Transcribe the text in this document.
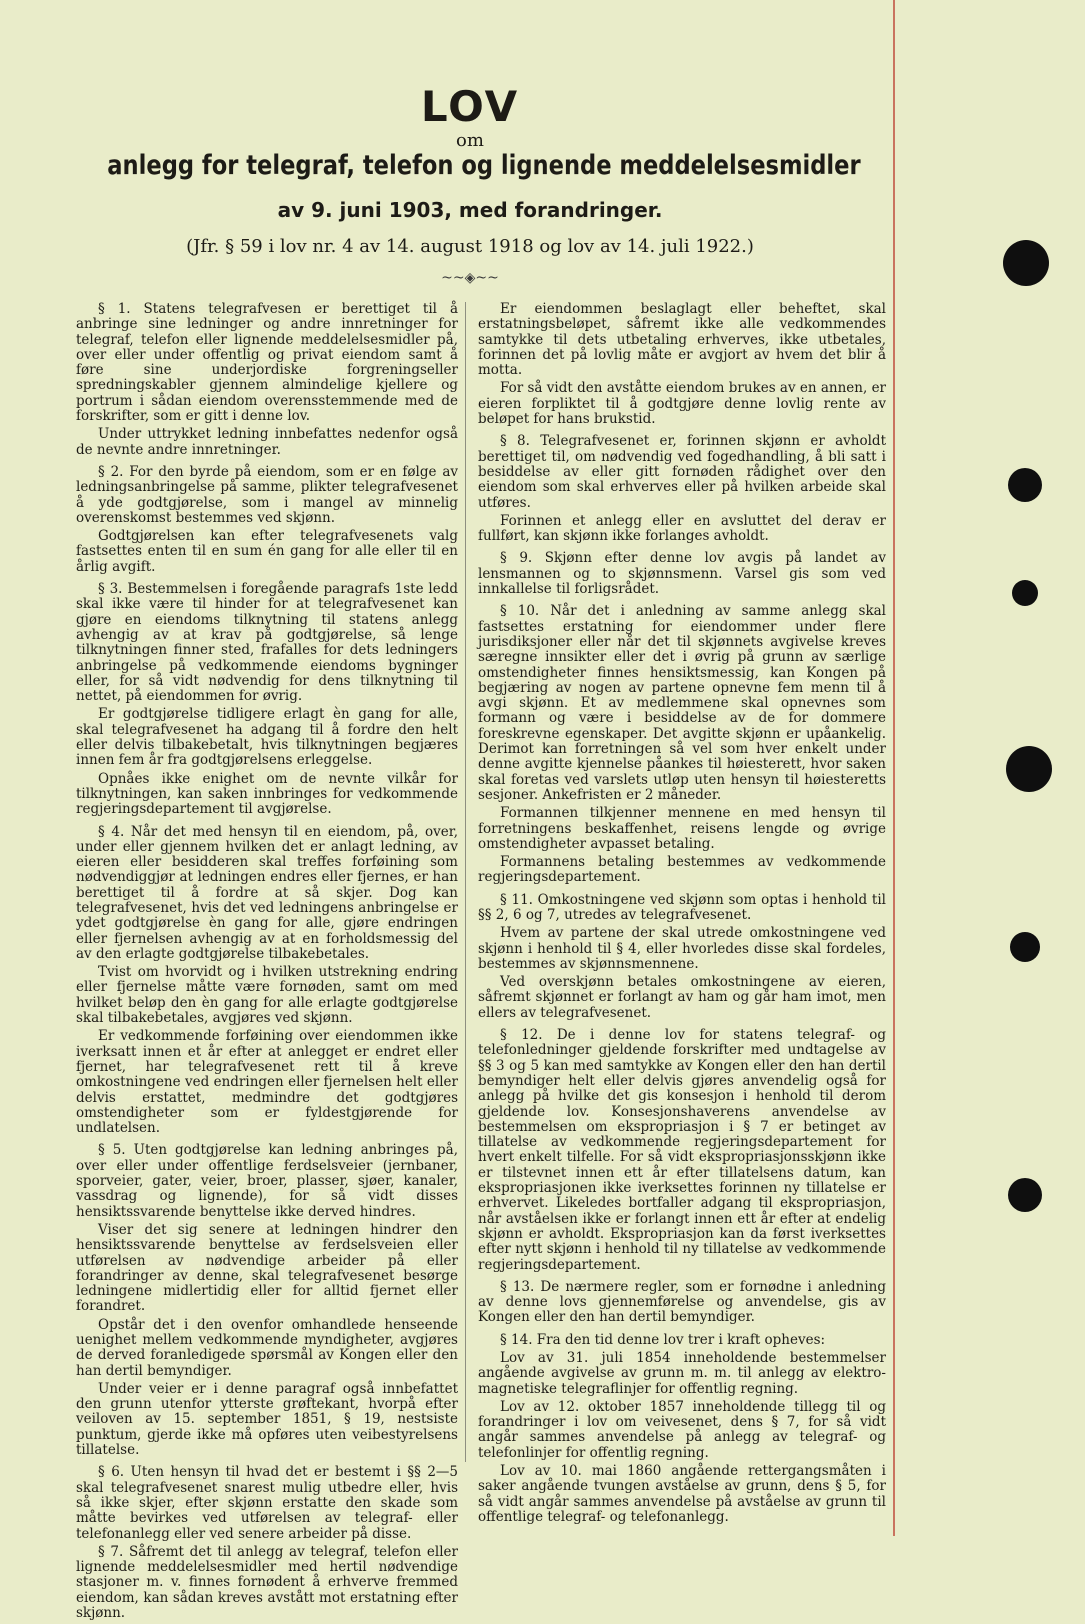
LOV
om
anlegg for telegraf, telefon og lignende meddelelsesmidler
av 9. juni 1903, med forandringer.
(Jfr. § 59 i lov nr. 4 av 14. august 1918 og lov av 14. juli 1922.)
~~◈~~

§ 1. Statens telegrafvesen er berettiget til å anbringe sine ledninger og andre innretninger for telegraf, telefon eller lignende meddelelsesmidler på, over eller under offentlig og privat eiendom samt å føre sine underjordiske forgreningseller spredningskabler gjennem almindelige kjellere og portrum i sådan eiendom overensstemmende med de forskrifter, som er gitt i denne lov.

Under uttrykket ledning innbefattes nedenfor også de nevnte andre innretninger.

§ 2. For den byrde på eiendom, som er en følge av ledningsanbringelse på samme, plikter telegrafvesenet å yde godtgjørelse, som i mangel av minnelig overenskomst bestemmes ved skjønn.

Godtgjørelsen kan efter telegrafvesenets valg fastsettes enten til en sum én gang for alle eller til en årlig avgift.

§ 3. Bestemmelsen i foregående paragrafs 1ste ledd skal ikke være til hinder for at telegrafvesenet kan gjøre en eiendoms tilknytning til statens anlegg avhengig av at krav på godtgjørelse, så lenge tilknytningen finner sted, frafalles for dets ledningers anbringelse på vedkommende eiendoms bygninger eller, for så vidt nødvendig for dens tilknytning til nettet, på eiendommen for øvrig.

Er godtgjørelse tidligere erlagt èn gang for alle, skal telegrafvesenet ha adgang til å fordre den helt eller delvis tilbakebetalt, hvis tilknytningen begjæres innen fem år fra godtgjørelsens erleggelse.

Opnåes ikke enighet om de nevnte vilkår for tilknytningen, kan saken innbringes for vedkommende regjeringsdepartement til avgjørelse.

§ 4. Når det med hensyn til en eiendom, på, over, under eller gjennem hvilken det er anlagt ledning, av eieren eller besidderen skal treffes forføining som nødvendiggjør at ledningen endres eller fjernes, er han berettiget til å fordre at så skjer. Dog kan telegrafvesenet, hvis det ved ledningens anbringelse er ydet godtgjørelse èn gang for alle, gjøre endringen eller fjernelsen avhengig av at en forholdsmessig del av den erlagte godtgjørelse tilbakebetales.

Tvist om hvorvidt og i hvilken utstrekning endring eller fjernelse måtte være fornøden, samt om med hvilket beløp den èn gang for alle erlagte godtgjørelse skal tilbakebetales, avgjøres ved skjønn.

Er vedkommende forføining over eiendommen ikke iverksatt innen et år efter at anlegget er endret eller fjernet, har telegrafvesenet rett til å kreve omkostningene ved endringen eller fjernelsen helt eller delvis erstattet, medmindre det godtgjøres omstendigheter som er fyldestgjørende for undlatelsen.

§ 5. Uten godtgjørelse kan ledning anbringes på, over eller under offentlige ferdselsveier (jernbaner, sporveier, gater, veier, broer, plasser, sjøer, kanaler, vassdrag og lignende), for så vidt disses hensiktssvarende benyttelse ikke derved hindres.

Viser det sig senere at ledningen hindrer den hensiktssvarende benyttelse av ferdselsveien eller utførelsen av nødvendige arbeider på eller forandringer av denne, skal telegrafvesenet besørge ledningene midlertidig eller for alltid fjernet eller forandret.

Opstår det i den ovenfor omhandlede henseende uenighet mellem vedkommende myndigheter, avgjøres de derved foranledigede spørsmål av Kongen eller den han dertil bemyndiger.

Under veier er i denne paragraf også innbefattet den grunn utenfor ytterste grøftekant, hvorpå efter veiloven av 15. september 1851, § 19, nestsiste punktum, gjerde ikke må opføres uten veibestyrelsens tillatelse.

§ 6. Uten hensyn til hvad det er bestemt i §§ 2—5 skal telegrafvesenet snarest mulig utbedre eller, hvis så ikke skjer, efter skjønn erstatte den skade som måtte bevirkes ved utførelsen av telegraf- eller telefonanlegg eller ved senere arbeider på disse.

§ 7. Såfremt det til anlegg av telegraf, telefon eller lignende meddelelsesmidler med hertil nødvendige stasjoner m. v. finnes fornødent å erhverve fremmed eiendom, kan sådan kreves avstått mot erstatning efter skjønn.

Er eiendommen beslaglagt eller beheftet, skal erstatningsbeløpet, såfremt ikke alle vedkommendes samtykke til dets utbetaling erhverves, ikke utbetales, forinnen det på lovlig måte er avgjort av hvem det blir å motta.

For så vidt den avståtte eiendom brukes av en annen, er eieren forpliktet til å godtgjøre denne lovlig rente av beløpet for hans brukstid.

§ 8. Telegrafvesenet er, forinnen skjønn er avholdt berettiget til, om nødvendig ved fogedhandling, å bli satt i besiddelse av eller gitt fornøden rådighet over den eiendom som skal erhverves eller på hvilken arbeide skal utføres.

Forinnen et anlegg eller en avsluttet del derav er fullført, kan skjønn ikke forlanges avholdt.

§ 9. Skjønn efter denne lov avgis på landet av lensmannen og to skjønnsmenn. Varsel gis som ved innkallelse til forligsrådet.

§ 10. Når det i anledning av samme anlegg skal fastsettes erstatning for eiendommer under flere jurisdiksjoner eller når det til skjønnets avgivelse kreves særegne innsikter eller det i øvrig på grunn av særlige omstendigheter finnes hensiktsmessig, kan Kongen på begjæring av nogen av partene opnevne fem menn til å avgi skjønn. Et av medlemmene skal opnevnes som formann og være i besiddelse av de for dommere foreskrevne egenskaper. Det avgitte skjønn er upåankelig. Derimot kan forretningen så vel som hver enkelt under denne avgitte kjennelse påankes til høiesterett, hvor saken skal foretas ved varslets utløp uten hensyn til høiesteretts sesjoner. Ankefristen er 2 måneder.

Formannen tilkjenner mennene en med hensyn til forretningens beskaffenhet, reisens lengde og øvrige omstendigheter avpasset betaling.

Formannens betaling bestemmes av vedkommende regjeringsdepartement.

§ 11. Omkostningene ved skjønn som optas i henhold til §§ 2, 6 og 7, utredes av telegrafvesenet.

Hvem av partene der skal utrede omkostningene ved skjønn i henhold til § 4, eller hvorledes disse skal fordeles, bestemmes av skjønnsmennene.

Ved overskjønn betales omkostningene av eieren, såfremt skjønnet er forlangt av ham og går ham imot, men ellers av telegrafvesenet.

§ 12. De i denne lov for statens telegraf- og telefonledninger gjeldende forskrifter med undtagelse av §§ 3 og 5 kan med samtykke av Kongen eller den han dertil bemyndiger helt eller delvis gjøres anvendelig også for anlegg på hvilke det gis konsesjon i henhold til derom gjeldende lov. Konsesjonshaverens anvendelse av bestemmelsen om ekspropriasjon i § 7 er betinget av tillatelse av vedkommende regjeringsdepartement for hvert enkelt tilfelle. For så vidt ekspropriasjonsskjønn ikke er tilstevnet innen ett år efter tillatelsens datum, kan ekspropriasjonen ikke iverksettes forinnen ny tillatelse er erhvervet. Likeledes bortfaller adgang til ekspropriasjon, når avståelsen ikke er forlangt innen ett år efter at endelig skjønn er avholdt. Ekspropriasjon kan da først iverksettes efter nytt skjønn i henhold til ny tillatelse av vedkommende regjeringsdepartement.

§ 13. De nærmere regler, som er fornødne i anledning av denne lovs gjennemførelse og anvendelse, gis av Kongen eller den han dertil bemyndiger.

§ 14. Fra den tid denne lov trer i kraft opheves:

Lov av 31. juli 1854 inneholdende bestemmelser angående avgivelse av grunn m. m. til anlegg av elektro-magnetiske telegraflinjer for offentlig regning.

Lov av 12. oktober 1857 inneholdende tillegg til og forandringer i lov om veivesenet, dens § 7, for så vidt angår sammes anvendelse på anlegg av telegraf- og telefonlinjer for offentlig regning.

Lov av 10. mai 1860 angående rettergangsmåten i saker angående tvungen avståelse av grunn, dens § 5, for så vidt angår sammes anvendelse på avståelse av grunn til offentlige telegraf- og telefonanlegg.
